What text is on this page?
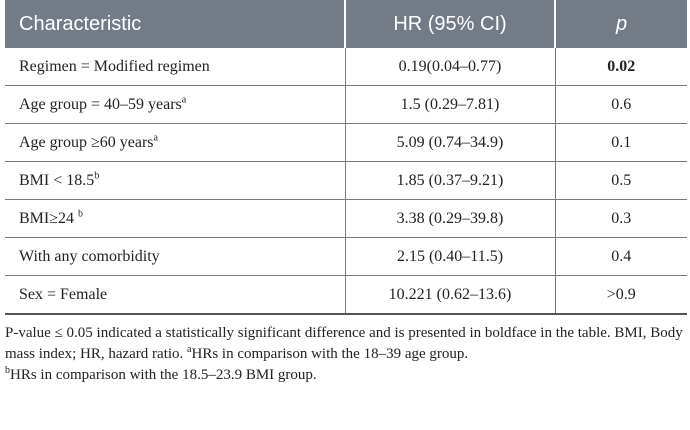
Characteristic	HR (95% CI)	p
Regimen = Modified regimen	0.19(0.04–0.77)	0.02
Age group = 40–59 years$^a$	1.5 (0.29–7.81)	0.6
Age group ≥60 years$^a$	5.09 (0.74–34.9)	0.1
BMI < 18.5$^b$	1.85 (0.37–9.21)	0.5
BMI≥24 $^b$	3.38 (0.29–39.8)	0.3
With any comorbidity	2.15 (0.40–11.5)	0.4
Sex = Female	10.221 (0.62–13.6)	>0.9

P-value ≤ 0.05 indicated a statistically significant difference and is presented in boldface in the table. BMI, Body mass index; HR, hazard ratio. $^a$HRs in comparison with the 18–39 age group.
$^b$HRs in comparison with the 18.5–23.9 BMI group.
